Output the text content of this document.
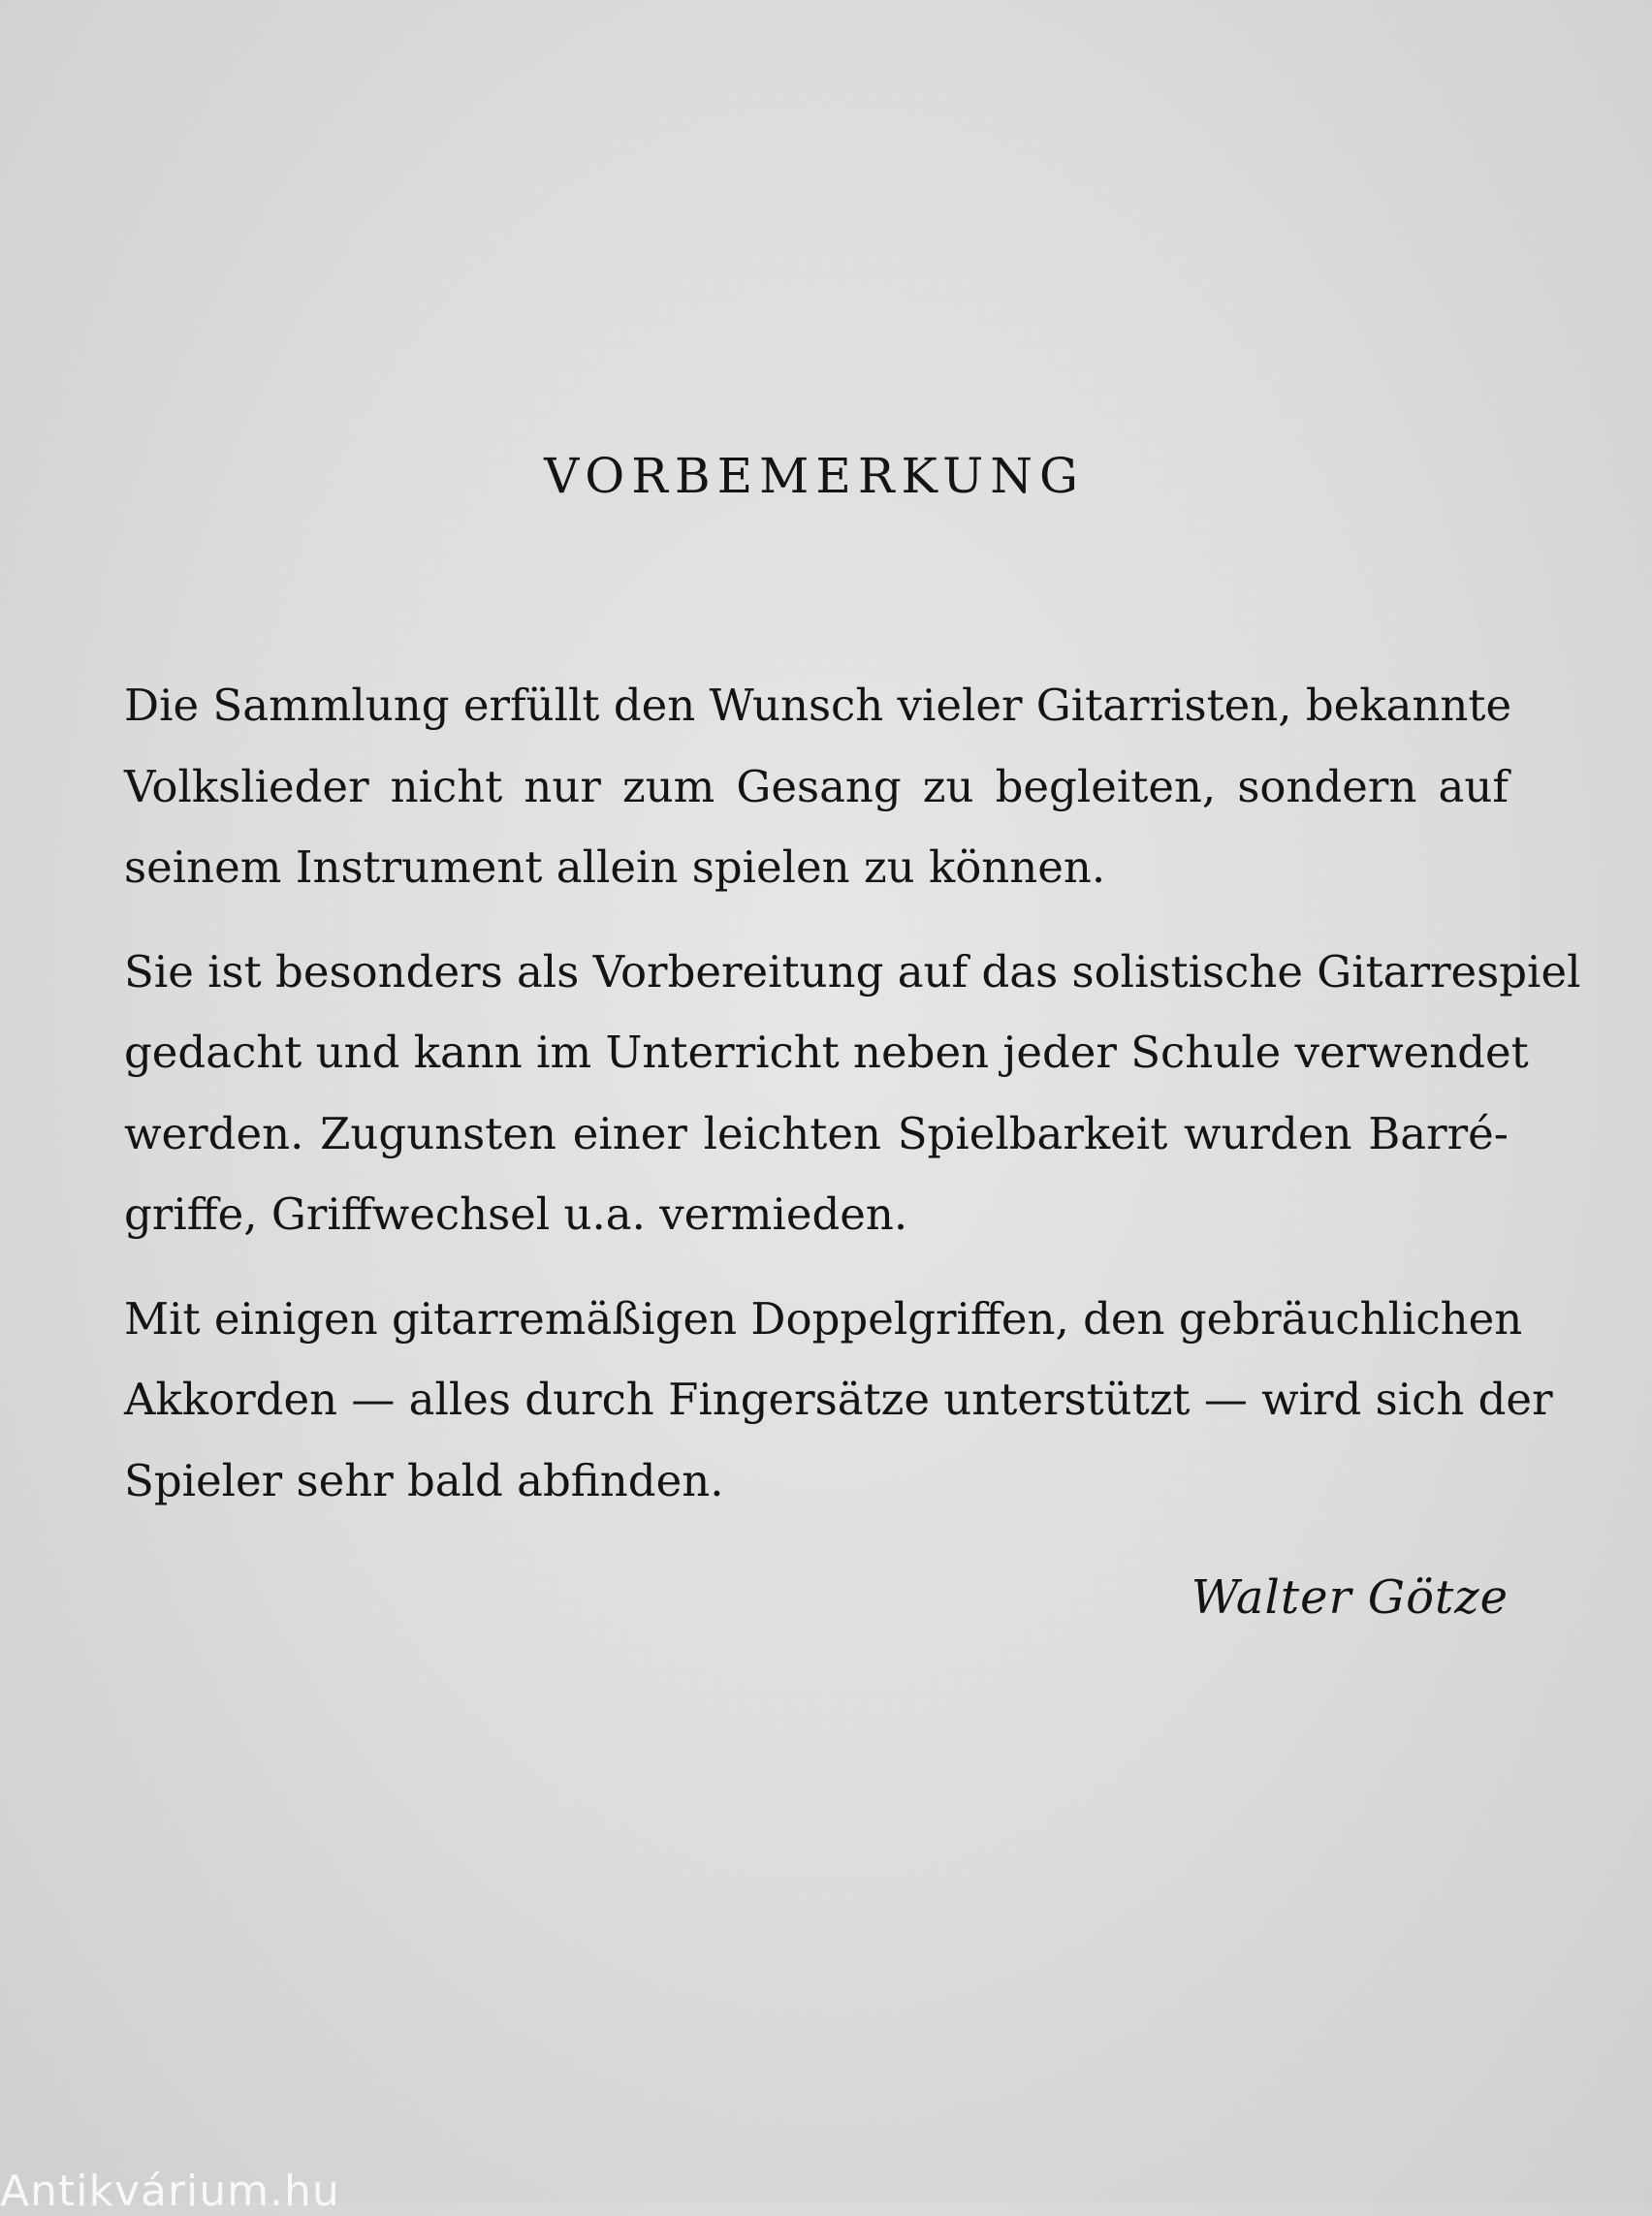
VORBEMERKUNG

Die Sammlung erfüllt den Wunsch vieler Gitarristen, bekannte
Volkslieder nicht nur zum Gesang zu begleiten, sondern auf
seinem Instrument allein spielen zu können.

Sie ist besonders als Vorbereitung auf das solistische Gitarrespiel
gedacht und kann im Unterricht neben jeder Schule verwendet
werden. Zugunsten einer leichten Spielbarkeit wurden Barré-
griffe, Griffwechsel u.a. vermieden.

Mit einigen gitarremäßigen Doppelgriffen, den gebräuchlichen
Akkorden — alles durch Fingersätze unterstützt — wird sich der
Spieler sehr bald abfinden.

Walter Götze
Antikvárium.hu
